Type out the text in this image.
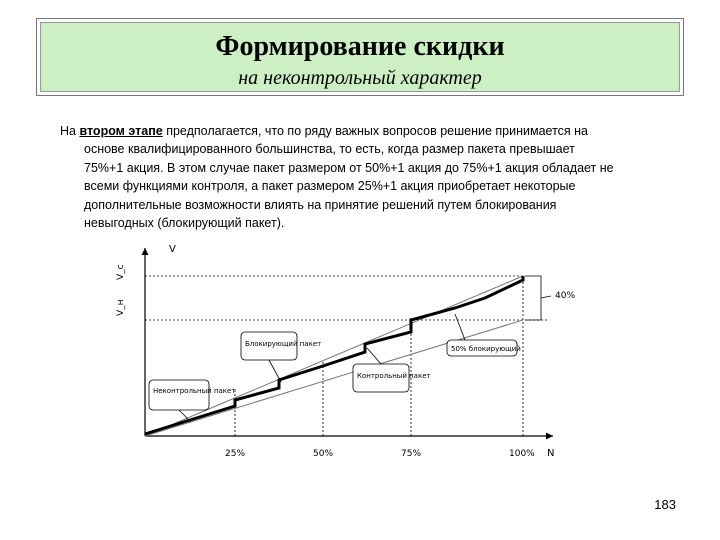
Формирование скидки
на неконтрольный характер
На втором этапе предполагается, что по ряду важных вопросов решение принимается на
основе квалифицированного большинства, то есть, когда размер пакета превышает
75%+1 акция. В этом случае пакет размером от 50%+1 акция до 75%+1 акция обладает не
всеми функциями контроля, а пакет размером 25%+1 акция приобретает некоторые
дополнительные возможности влиять на принятие решений путем блокирования
невыгодных (блокирующий пакет).
V
N
V_c
V_н
25%	50%	75%	100%
40%
Неконтрольный пакет
Блокирующий пакет
Контрольный пакет
50% блокирующий
183
